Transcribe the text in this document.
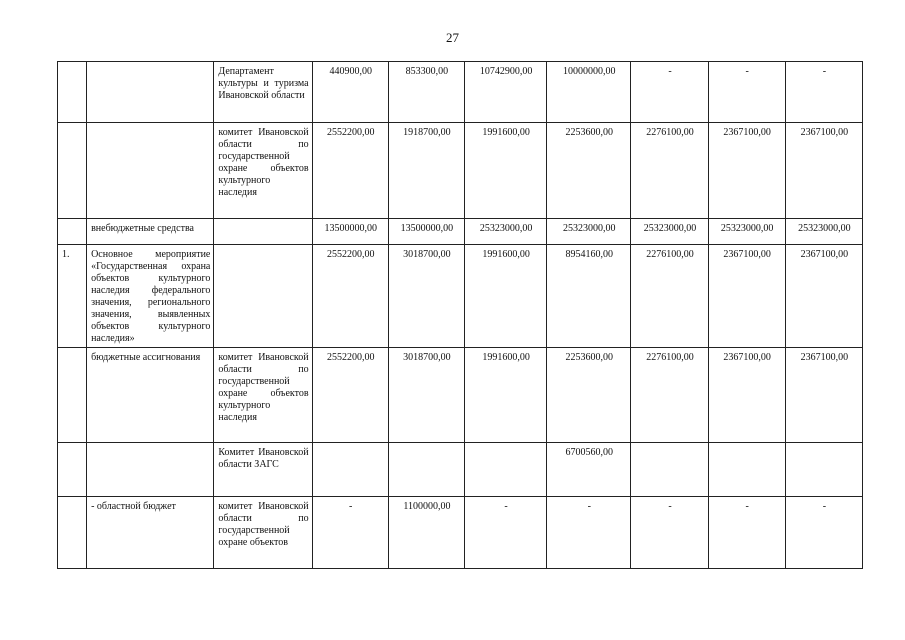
27
		Департамент культуры и туризма Ивановской области	440900,00	853300,00	10742900,00	10000000,00	-	-	-
		комитет Ивановской области по государственной охране объектов культурного наследия	2552200,00	1918700,00	1991600,00	2253600,00	2276100,00	2367100,00	2367100,00
	внебюджетные средства		13500000,00	13500000,00	25323000,00	25323000,00	25323000,00	25323000,00	25323000,00
1.	Основное мероприятие «Государственная охрана объектов культурного наследия федерального значения, регионального значения, выявленных объектов культурного наследия»		2552200,00	3018700,00	1991600,00	8954160,00	2276100,00	2367100,00	2367100,00
	бюджетные ассигнования	комитет Ивановской области по государственной охране объектов культурного наследия	2552200,00	3018700,00	1991600,00	2253600,00	2276100,00	2367100,00	2367100,00
		Комитет Ивановской области ЗАГС				6700560,00			
	- областной бюджет	комитет Ивановской области по государственной охране объектов	-	1100000,00	-	-	-	-	-
